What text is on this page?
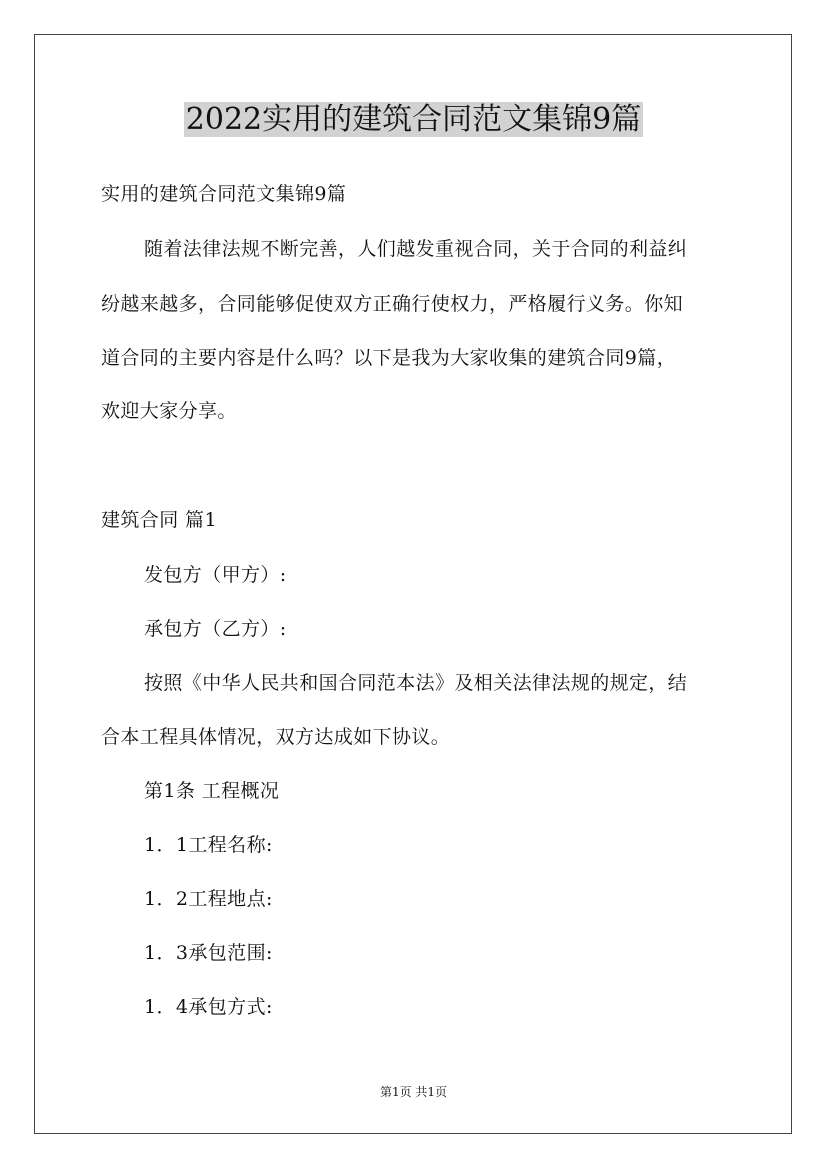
2022实用的建筑合同范文集锦9篇

实用的建筑合同范文集锦9篇

随着法律法规不断完善，人们越发重视合同，关于合同的利益纠

纷越来越多，合同能够促使双方正确行使权力，严格履行义务。你知

道合同的主要内容是什么吗？以下是我为大家收集的建筑合同9篇，

欢迎大家分享。

建筑合同 篇1

发包方（甲方）:

承包方（乙方）:

按照《中华人民共和国合同范本法》及相关法律法规的规定，结

合本工程具体情况，双方达成如下协议。

第1条 工程概况

1．1工程名称:

1．2工程地点:

1．3承包范围:

1．4承包方式:

第1页 共1页
